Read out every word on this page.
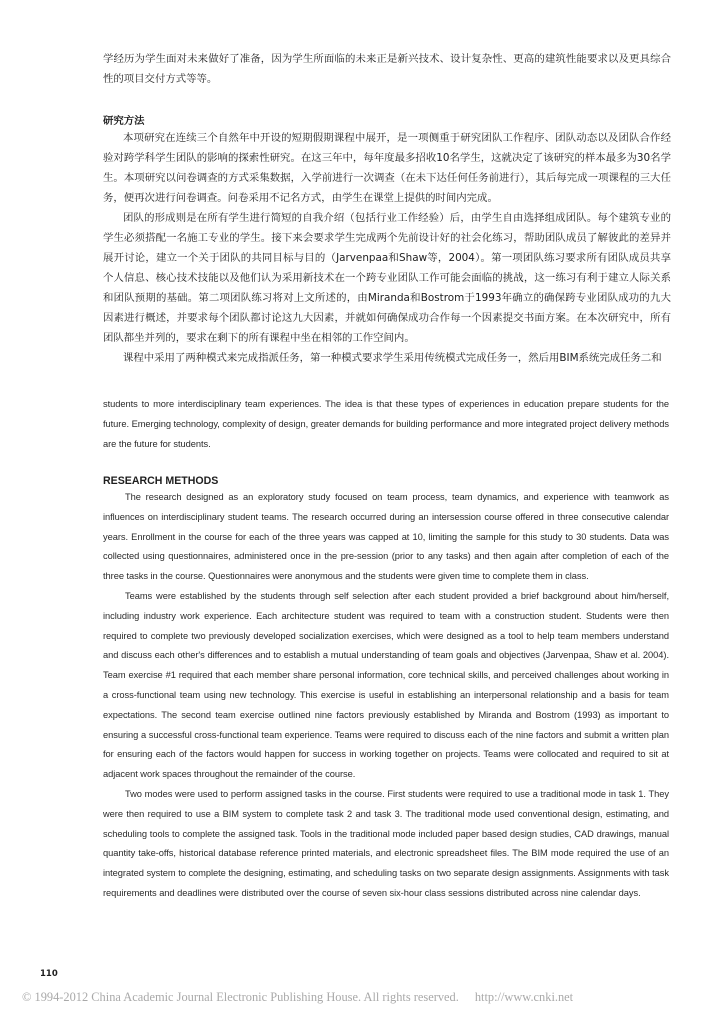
学经历为学生面对未来做好了准备，因为学生所面临的未来正是新兴技术、设计复杂性、更高的建筑性能要求以及更具综合性的项目交付方式等等。
研究方法
本项研究在连续三个自然年中开设的短期假期课程中展开，是一项侧重于研究团队工作程序、团队动态以及团队合作经验对跨学科学生团队的影响的探索性研究。在这三年中，每年度最多招收10名学生，这就决定了该研究的样本最多为30名学生。本项研究以问卷调查的方式采集数据，入学前进行一次调查（在未下达任何任务前进行），其后每完成一项课程的三大任务，便再次进行问卷调查。问卷采用不记名方式，由学生在课堂上提供的时间内完成。
团队的形成则是在所有学生进行简短的自我介绍（包括行业工作经验）后，由学生自由选择组成团队。每个建筑专业的学生必须搭配一名施工专业的学生。接下来会要求学生完成两个先前设计好的社会化练习，帮助团队成员了解彼此的差异并展开讨论，建立一个关于团队的共同目标与目的（Jarvenpaa和Shaw等，2004）。第一项团队练习要求所有团队成员共享个人信息、核心技术技能以及他们认为采用新技术在一个跨专业团队工作可能会面临的挑战，这一练习有利于建立人际关系和团队预期的基础。第二项团队练习将对上文所述的，由Miranda和Bostrom于1993年确立的确保跨专业团队成功的九大因素进行概述，并要求每个团队都讨论这九大因素，并就如何确保成功合作每一个因素提交书面方案。在本次研究中，所有团队都坐并列的，要求在剩下的所有课程中坐在相邻的工作空间内。
课程中采用了两种模式来完成指派任务，第一种模式要求学生采用传统模式完成任务一，然后用BIM系统完成任务二和

students to more interdisciplinary team experiences. The idea is that these types of experiences in education prepare students for the future. Emerging technology, complexity of design, greater demands for building performance and more integrated project delivery methods are the future for students.

RESEARCH METHODS

The research designed as an exploratory study focused on team process, team dynamics, and experience with teamwork as influences on interdisciplinary student teams. The research occurred during an intersession course offered in three consecutive calendar years. Enrollment in the course for each of the three years was capped at 10, limiting the sample for this study to 30 students. Data was collected using questionnaires, administered once in the pre-session (prior to any tasks) and then again after completion of each of the three tasks in the course. Questionnaires were anonymous and the students were given time to complete them in class.

Teams were established by the students through self selection after each student provided a brief background about him/herself, including industry work experience. Each architecture student was required to team with a construction student. Students were then required to complete two previously developed socialization exercises, which were designed as a tool to help team members understand and discuss each other's differences and to establish a mutual understanding of team goals and objectives (Jarvenpaa, Shaw et al. 2004). Team exercise #1 required that each member share personal information, core technical skills, and perceived challenges about working in a cross-functional team using new technology. This exercise is useful in establishing an interpersonal relationship and a basis for team expectations. The second team exercise outlined nine factors previously established by Miranda and Bostrom (1993) as important to ensuring a successful cross-functional team experience. Teams were required to discuss each of the nine factors and submit a written plan for ensuring each of the factors would happen for success in working together on projects. Teams were collocated and required to sit at adjacent work spaces throughout the remainder of the course.

Two modes were used to perform assigned tasks in the course. First students were required to use a traditional mode in task 1. They were then required to use a BIM system to complete task 2 and task 3. The traditional mode used conventional design, estimating, and scheduling tools to complete the assigned task. Tools in the traditional mode included paper based design studies, CAD drawings, manual quantity take-offs, historical database reference printed materials, and electronic spreadsheet files. The BIM mode required the use of an integrated system to complete the designing, estimating, and scheduling tasks on two separate design assignments. Assignments with task requirements and deadlines were distributed over the course of seven six-hour class sessions distributed across nine calendar days.

110
© 1994-2012 China Academic Journal Electronic Publishing House. All rights reserved. http://www.cnki.net
